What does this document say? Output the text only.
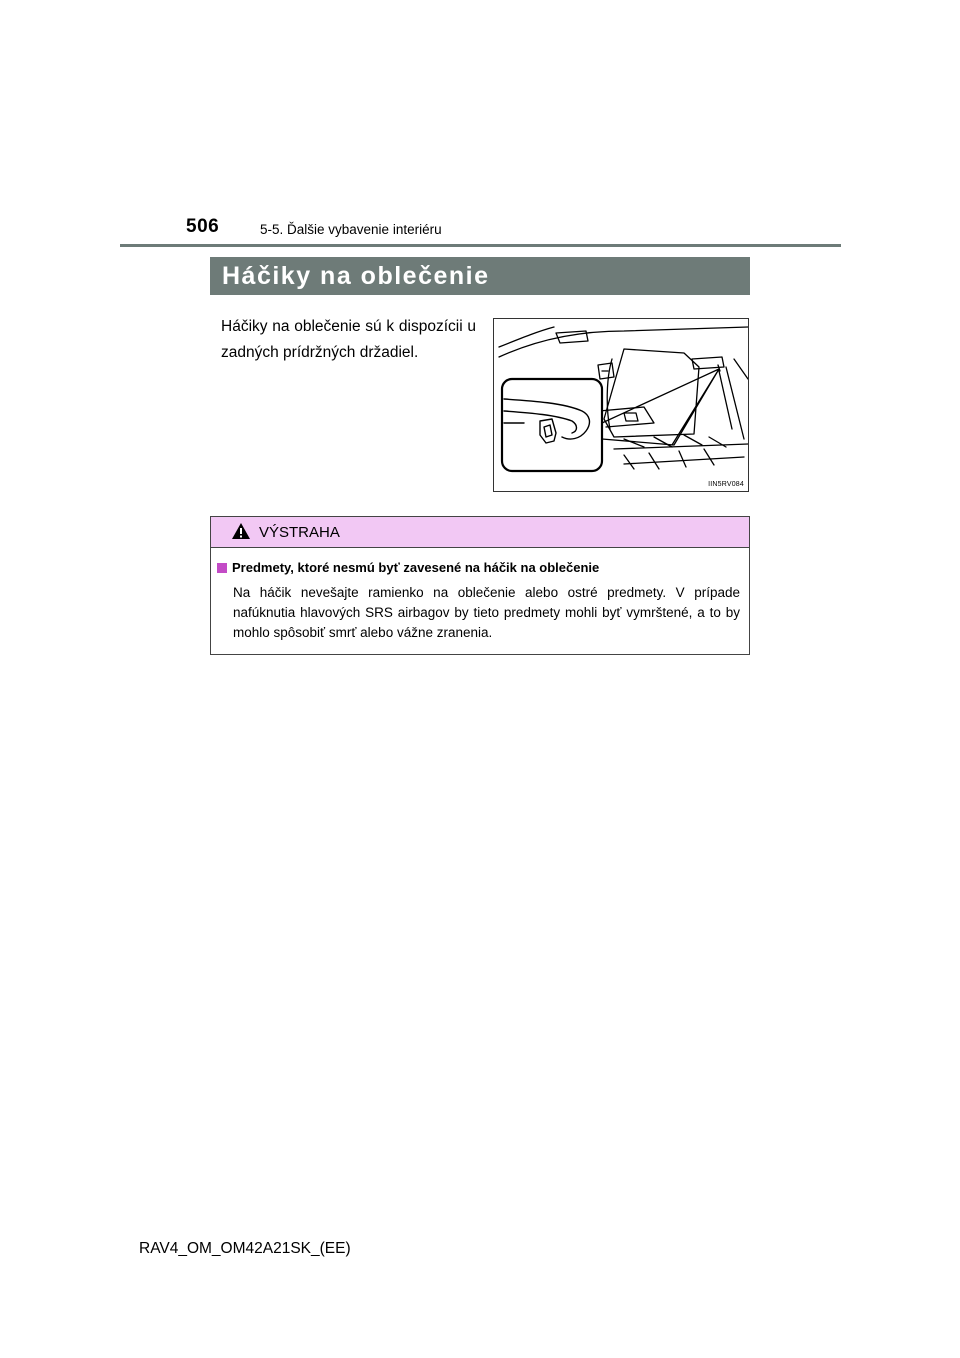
506	5-5. Ďalšie vybavenie interiéru
Háčiky na oblečenie

Háčiky na oblečenie sú k dispozícii u zadných prídržných držadiel.

IIN5RV084
VÝSTRAHA
Predmety, ktoré nesmú byť zavesené na háčik na oblečenie

Na háčik nevešajte ramienko na oblečenie alebo ostré predmety. V prípade nafúknutia hlavových SRS airbagov by tieto predmety mohli byť vymrštené, a to by mohlo spôsobiť smrť alebo vážne zranenia.

RAV4_OM_OM42A21SK_(EE)
